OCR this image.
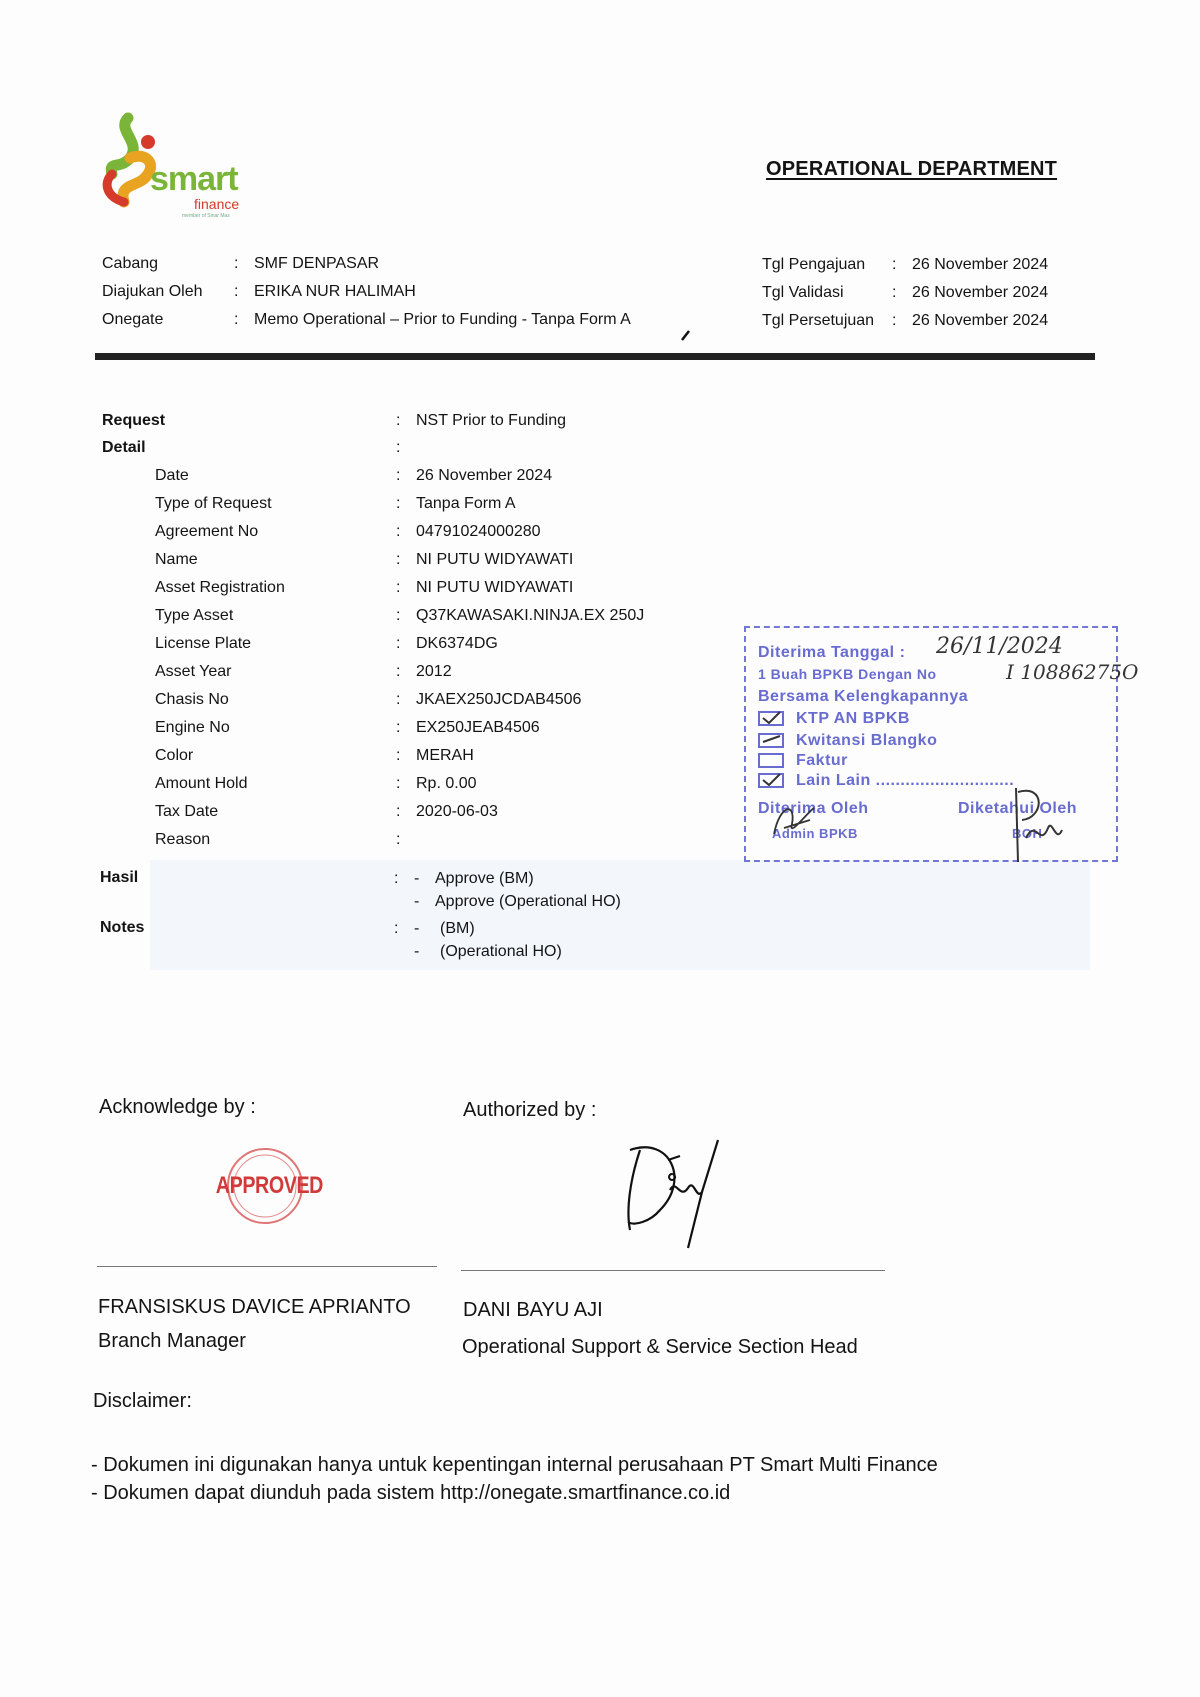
smart
finance
member of Sinar Mas
OPERATIONAL DEPARTMENT
Cabang	: SMF DENPASAR
Diajukan Oleh : ERIKA NUR HALIMAH
Onegate	: Memo Operational – Prior to Funding - Tanpa Form A
Tgl Pengajuan : 26 November 2024
Tgl Validasi	: 26 November 2024
Tgl Persetujuan : 26 November 2024
Request	: NST Prior to Funding
Detail	:
Date	: 26 November 2024
Type of Request	: Tanpa Form A
Agreement No	: 04791024000280
Name	: NI PUTU WIDYAWATI
Asset Registration	: NI PUTU WIDYAWATI
Type Asset	: Q37KAWASAKI.NINJA.EX 250J
License Plate	: DK6374DG
Asset Year	: 2012
Chasis No	: JKAEX250JCDAB4506
Engine No	: EX250JEAB4506
Color	: MERAH
Amount Hold	: Rp. 0.00
Tax Date	: 2020-06-03
Reason	:
Hasil	: - Approve (BM)
- Approve (Operational HO)
Notes	: - (BM)
- (Operational HO)
Diterima Tanggal : 26/11/2024
1 Buah BPKB Dengan No	I 10886275O
Bersama Kelengkapannya
KTP AN BPKB
Kwitansi Blangko
Faktur
Lain Lain ............................
Diterima Oleh
Admin BPKB
Diketahui Oleh
BOH
Acknowledge by :
APPROVED
FRANSISKUS DAVICE APRIANTO
Branch Manager
Authorized by :
DANI BAYU AJI
Operational Support & Service Section Head
Disclaimer:
- Dokumen ini digunakan hanya untuk kepentingan internal perusahaan PT Smart Multi Finance
- Dokumen dapat diunduh pada sistem http://onegate.smartfinance.co.id
